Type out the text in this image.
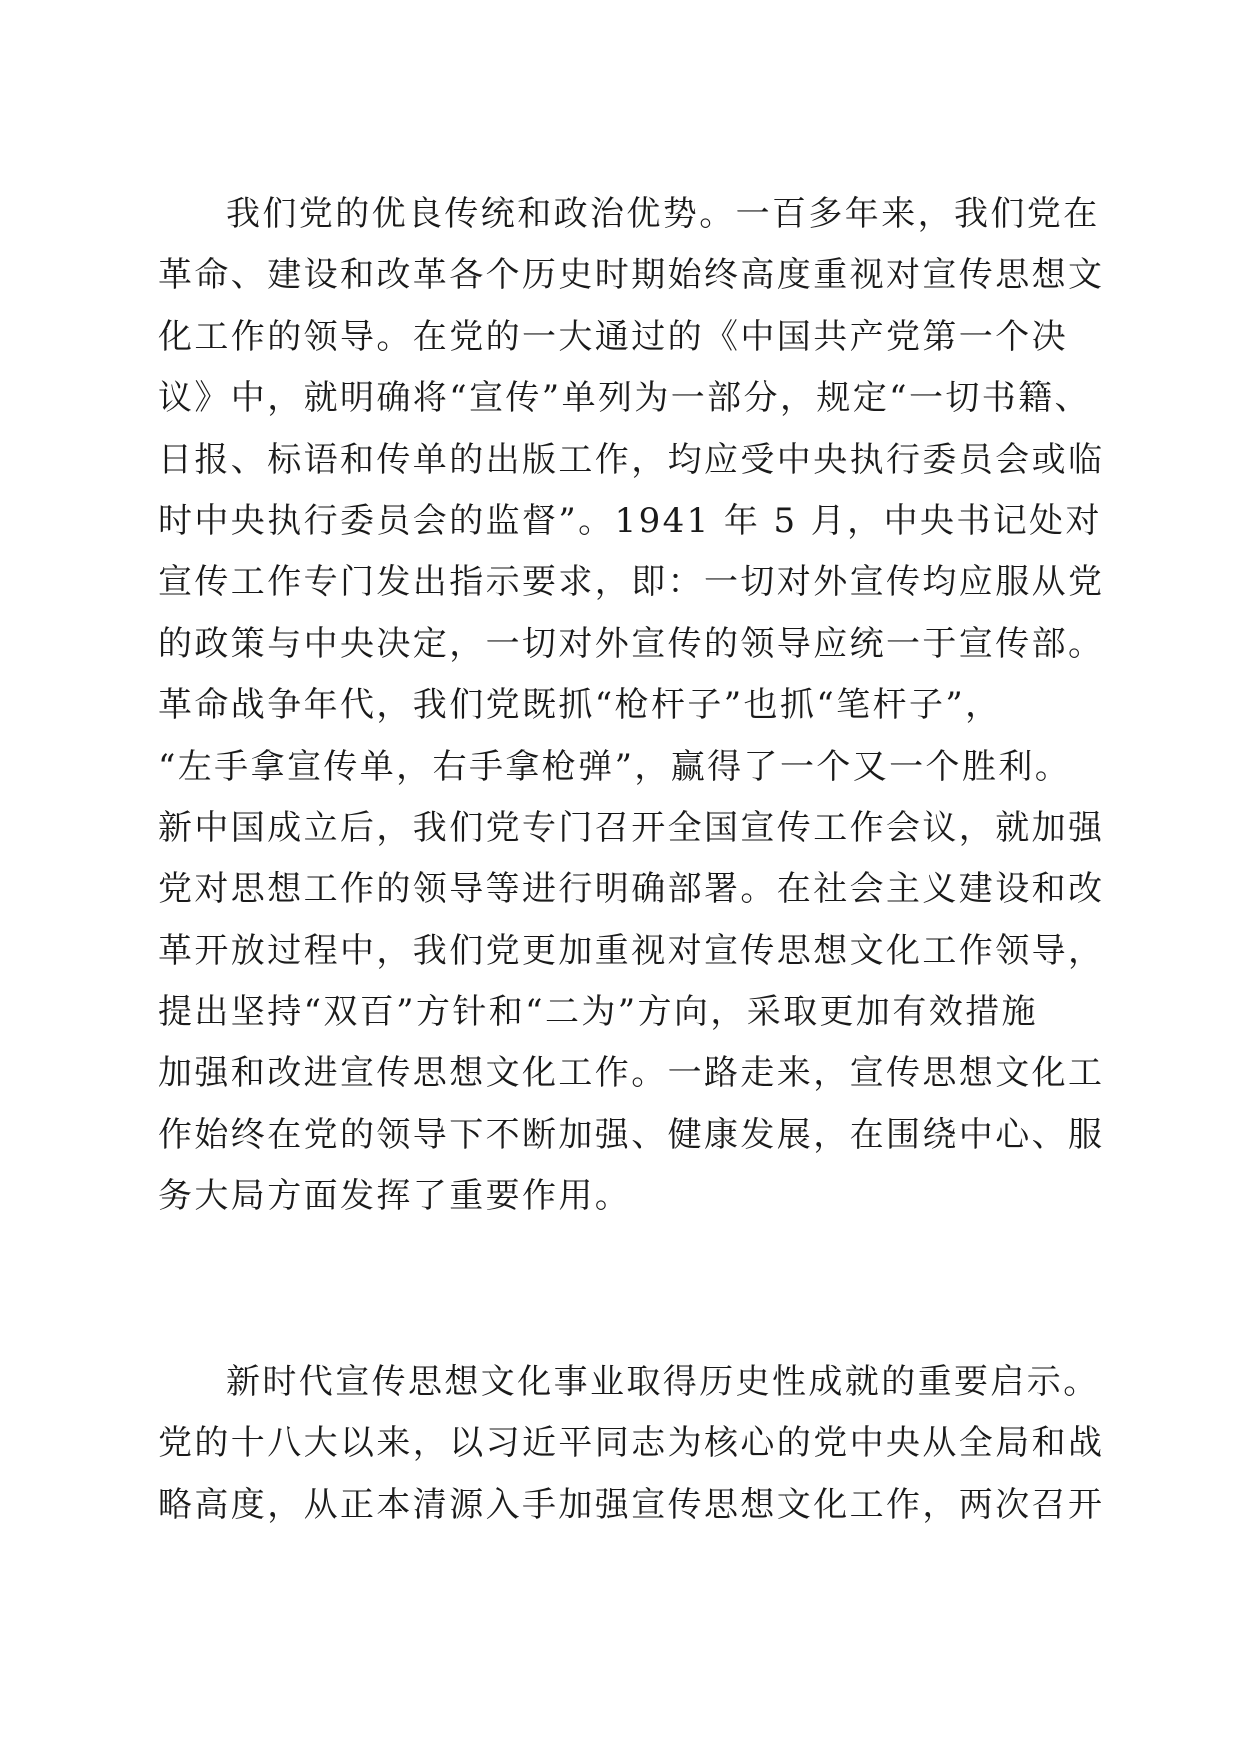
我们党的优良传统和政治优势。一百多年来，我们党在
革命、建设和改革各个历史时期始终高度重视对宣传思想文
化工作的领导。在党的一大通过的《中国共产党第一个决
议》中，就明确将“宣传”单列为一部分，规定“一切书籍、
日报、标语和传单的出版工作，均应受中央执行委员会或临
时中央执行委员会的监督”。1941 年 5 月，中央书记处对
宣传工作专门发出指示要求，即：一切对外宣传均应服从党
的政策与中央决定，一切对外宣传的领导应统一于宣传部。
革命战争年代，我们党既抓“枪杆子”也抓“笔杆子”，
“左手拿宣传单，右手拿枪弹”，赢得了一个又一个胜利。
新中国成立后，我们党专门召开全国宣传工作会议，就加强
党对思想工作的领导等进行明确部署。在社会主义建设和改
革开放过程中，我们党更加重视对宣传思想文化工作领导，
提出坚持“双百”方针和“二为”方向，采取更加有效措施
加强和改进宣传思想文化工作。一路走来，宣传思想文化工
作始终在党的领导下不断加强、健康发展，在围绕中心、服
务大局方面发挥了重要作用。

新时代宣传思想文化事业取得历史性成就的重要启示。
党的十八大以来，以习近平同志为核心的党中央从全局和战
略高度，从正本清源入手加强宣传思想文化工作，两次召开
